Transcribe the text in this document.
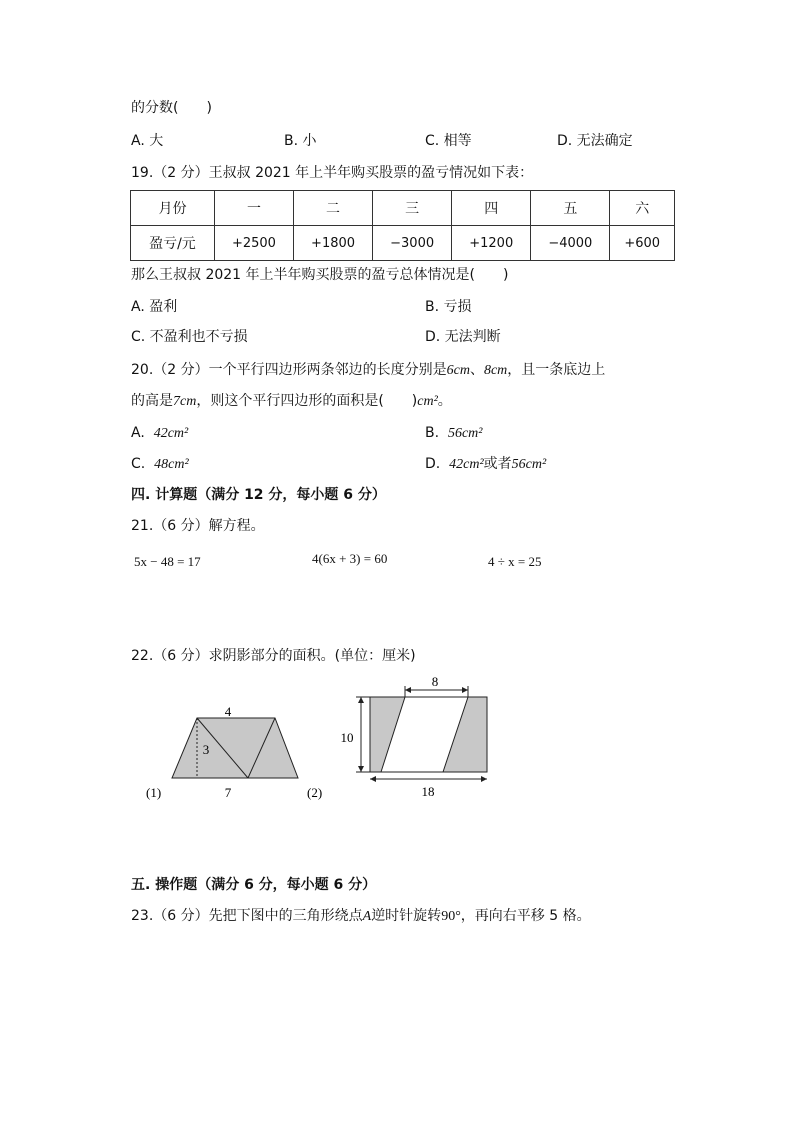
的分数(　　)
A. 大	B. 小	C. 相等	D. 无法确定
19.（2 分）王叔叔 2021 年上半年购买股票的盈亏情况如下表：
月份	一	二	三	四	五	六
盈亏/元	+2500	+1800	−3000	+1200	−4000	+600
那么王叔叔 2021 年上半年购买股票的盈亏总体情况是(　　)
A. 盈利	B. 亏损
C. 不盈利也不亏损	D. 无法判断
20.（2 分）一个平行四边形两条邻边的长度分别是6cm、8cm，且一条底边上
的高是7cm，则这个平行四边形的面积是(　　)cm²。
A. 42cm²	B. 56cm²
C. 48cm²	D. 42cm²或者56cm²
四. 计算题（满分 12 分，每小题 6 分）
21.（6 分）解方程。
5x − 48 = 17	4(6x + 3) = 60	4 ÷ x = 25
22.（6 分）求阴影部分的面积。(单位：厘米)
4
3
7
(1)
8
10
18
(2)
五. 操作题（满分 6 分，每小题 6 分）
23.（6 分）先把下图中的三角形绕点A逆时针旋转90°，再向右平移 5 格。
